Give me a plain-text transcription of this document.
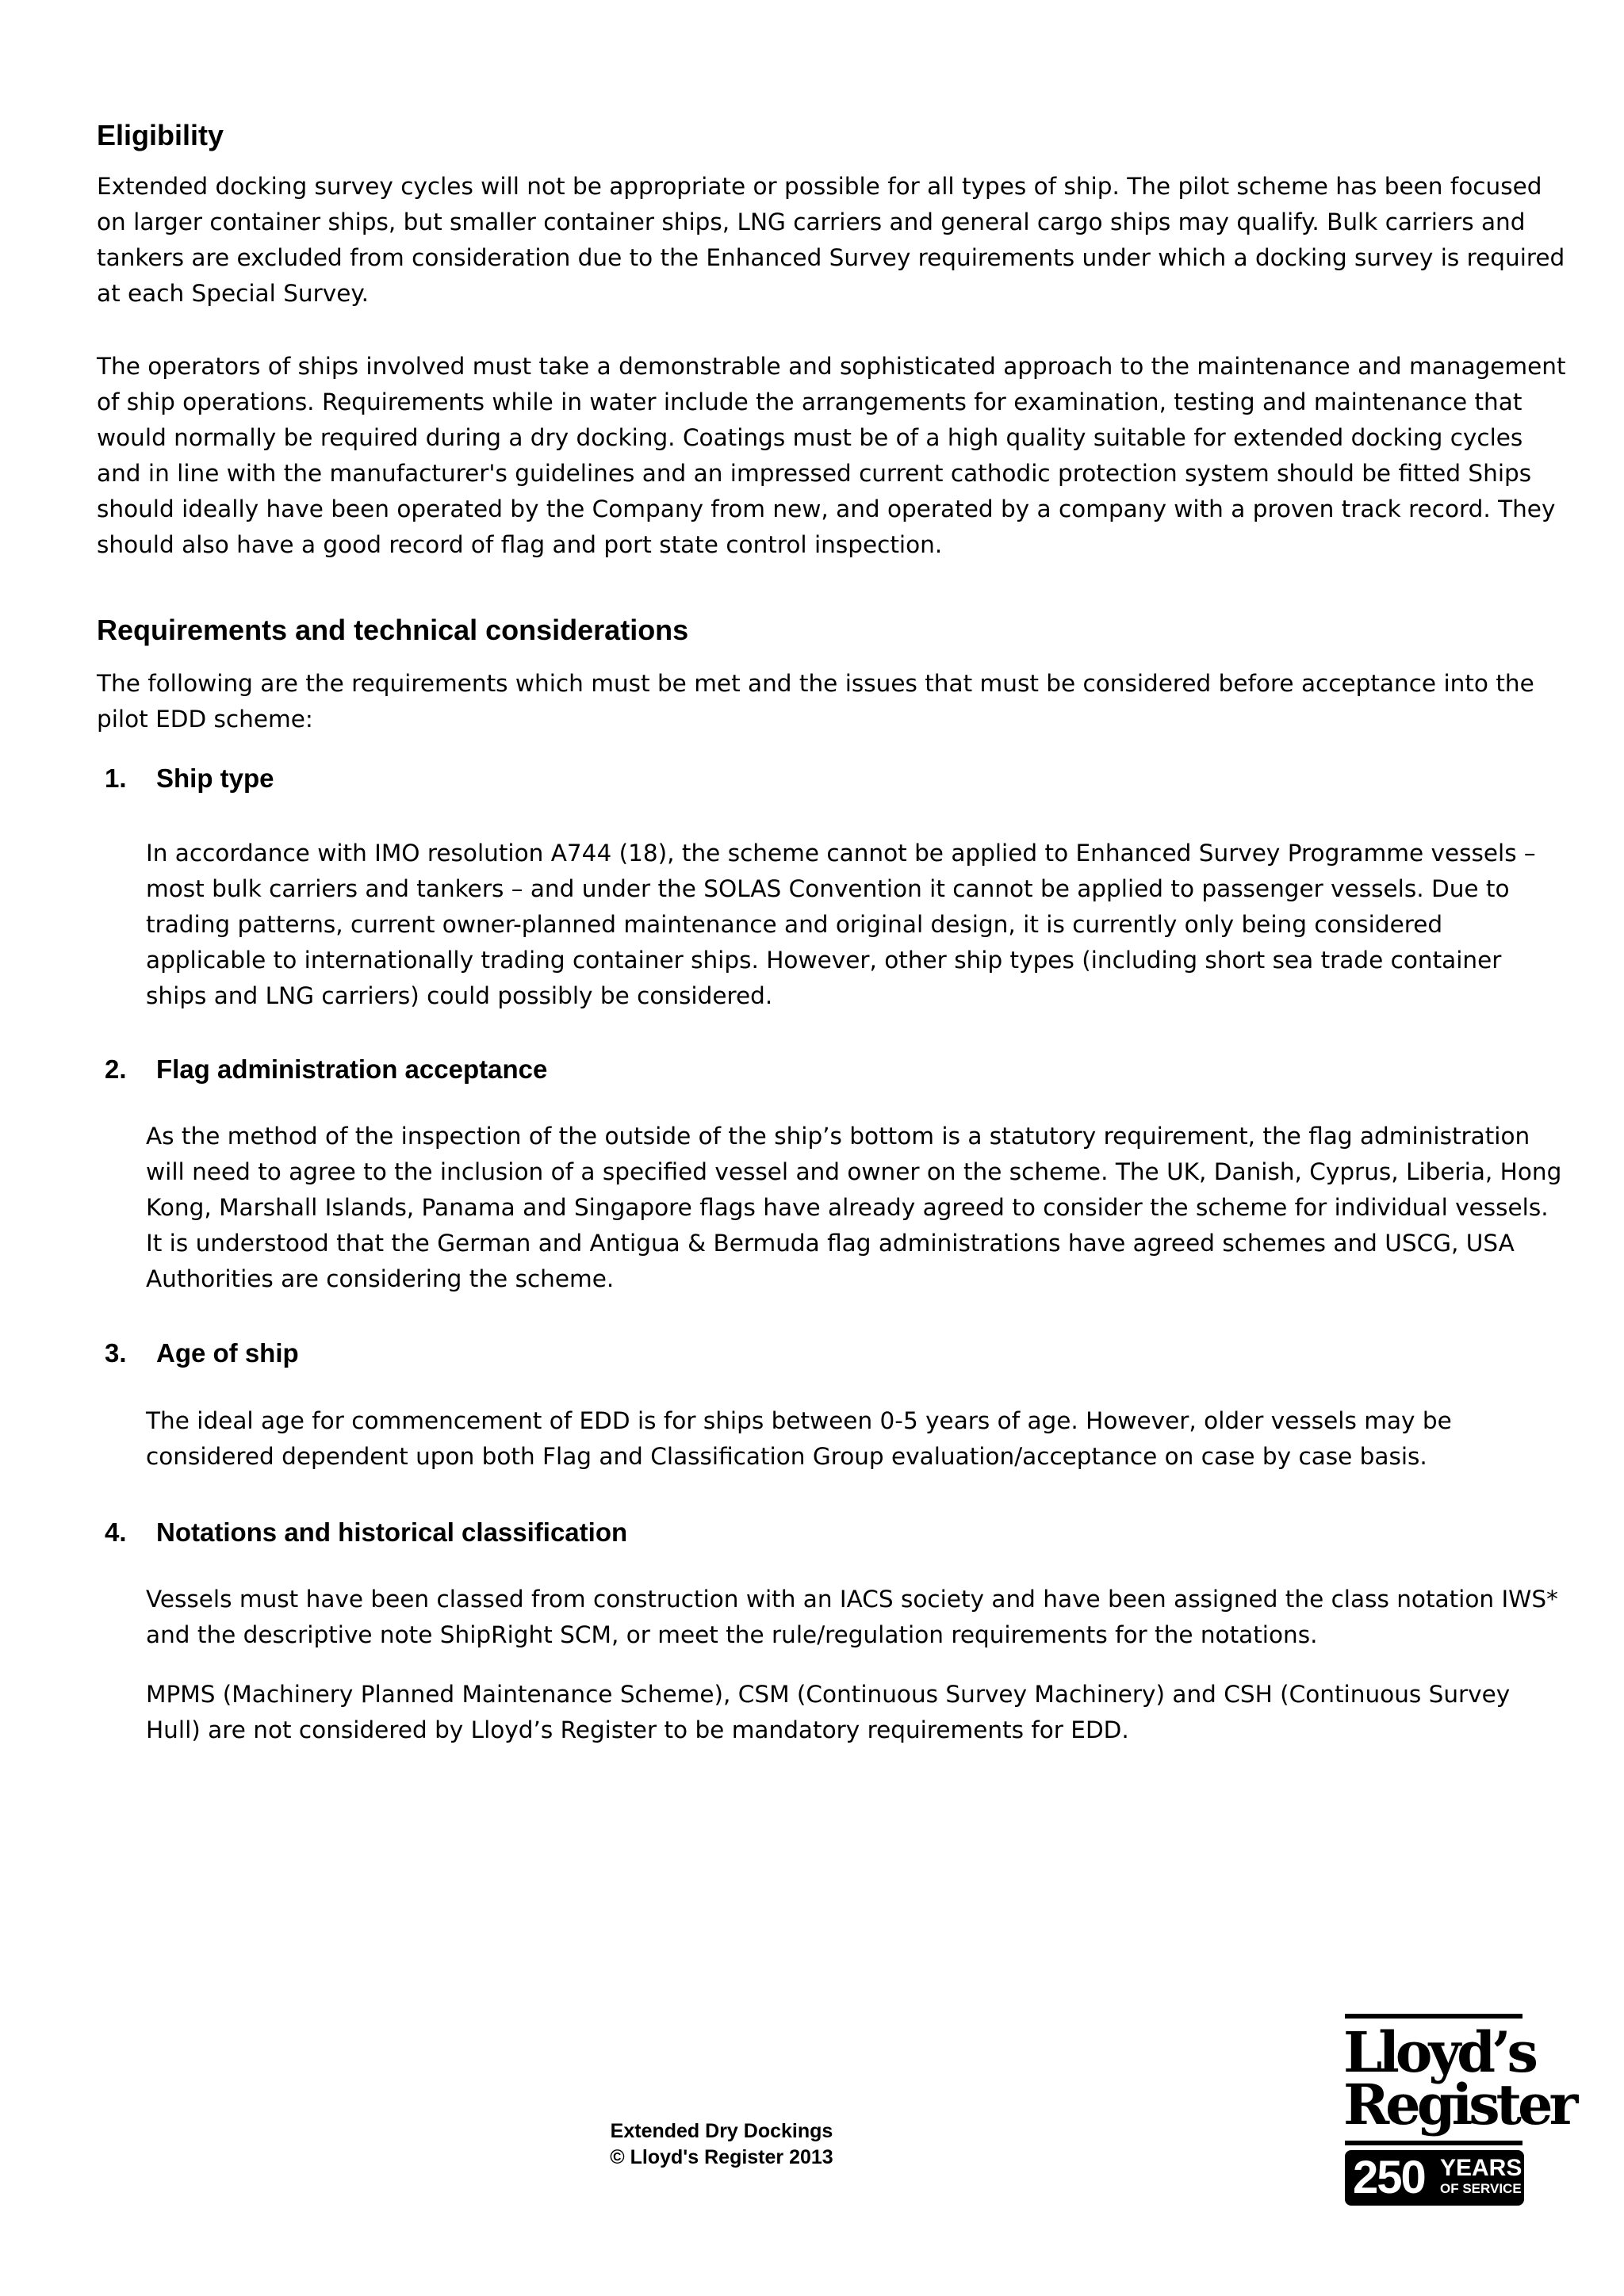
Eligibility

Extended docking survey cycles will not be appropriate or possible for all types of ship. The pilot scheme has been focused on larger container ships, but smaller container ships, LNG carriers and general cargo ships may qualify. Bulk carriers and tankers are excluded from consideration due to the Enhanced Survey requirements under which a docking survey is required at each Special Survey.

The operators of ships involved must take a demonstrable and sophisticated approach to the maintenance and management of ship operations. Requirements while in water include the arrangements for examination, testing and maintenance that would normally be required during a dry docking. Coatings must be of a high quality suitable for extended docking cycles and in line with the manufacturer's guidelines and an impressed current cathodic protection system should be fitted Ships should ideally have been operated by the Company from new, and operated by a company with a proven track record. They should also have a good record of flag and port state control inspection.

Requirements and technical considerations

The following are the requirements which must be met and the issues that must be considered before acceptance into the pilot EDD scheme:

1. Ship type

In accordance with IMO resolution A744 (18), the scheme cannot be applied to Enhanced Survey Programme vessels – most bulk carriers and tankers – and under the SOLAS Convention it cannot be applied to passenger vessels. Due to trading patterns, current owner-planned maintenance and original design, it is currently only being considered applicable to internationally trading container ships. However, other ship types (including short sea trade container ships and LNG carriers) could possibly be considered.

2. Flag administration acceptance

As the method of the inspection of the outside of the ship’s bottom is a statutory requirement, the flag administration will need to agree to the inclusion of a specified vessel and owner on the scheme. The UK, Danish, Cyprus, Liberia, Hong Kong, Marshall Islands, Panama and Singapore flags have already agreed to consider the scheme for individual vessels. It is understood that the German and Antigua & Bermuda flag administrations have agreed schemes and USCG, USA Authorities are considering the scheme.

3. Age of ship

The ideal age for commencement of EDD is for ships between 0-5 years of age. However, older vessels may be considered dependent upon both Flag and Classification Group evaluation/acceptance on case by case basis.

4. Notations and historical classification

Vessels must have been classed from construction with an IACS society and have been assigned the class notation IWS* and the descriptive note ShipRight SCM, or meet the rule/regulation requirements for the notations.

MPMS (Machinery Planned Maintenance Scheme), CSM (Continuous Survey Machinery) and CSH (Continuous Survey Hull) are not considered by Lloyd’s Register to be mandatory requirements for EDD.

Extended Dry Dockings
© Lloyd's Register 2013
Lloyd’s
Register
250 YEARS
OF SERVICE
